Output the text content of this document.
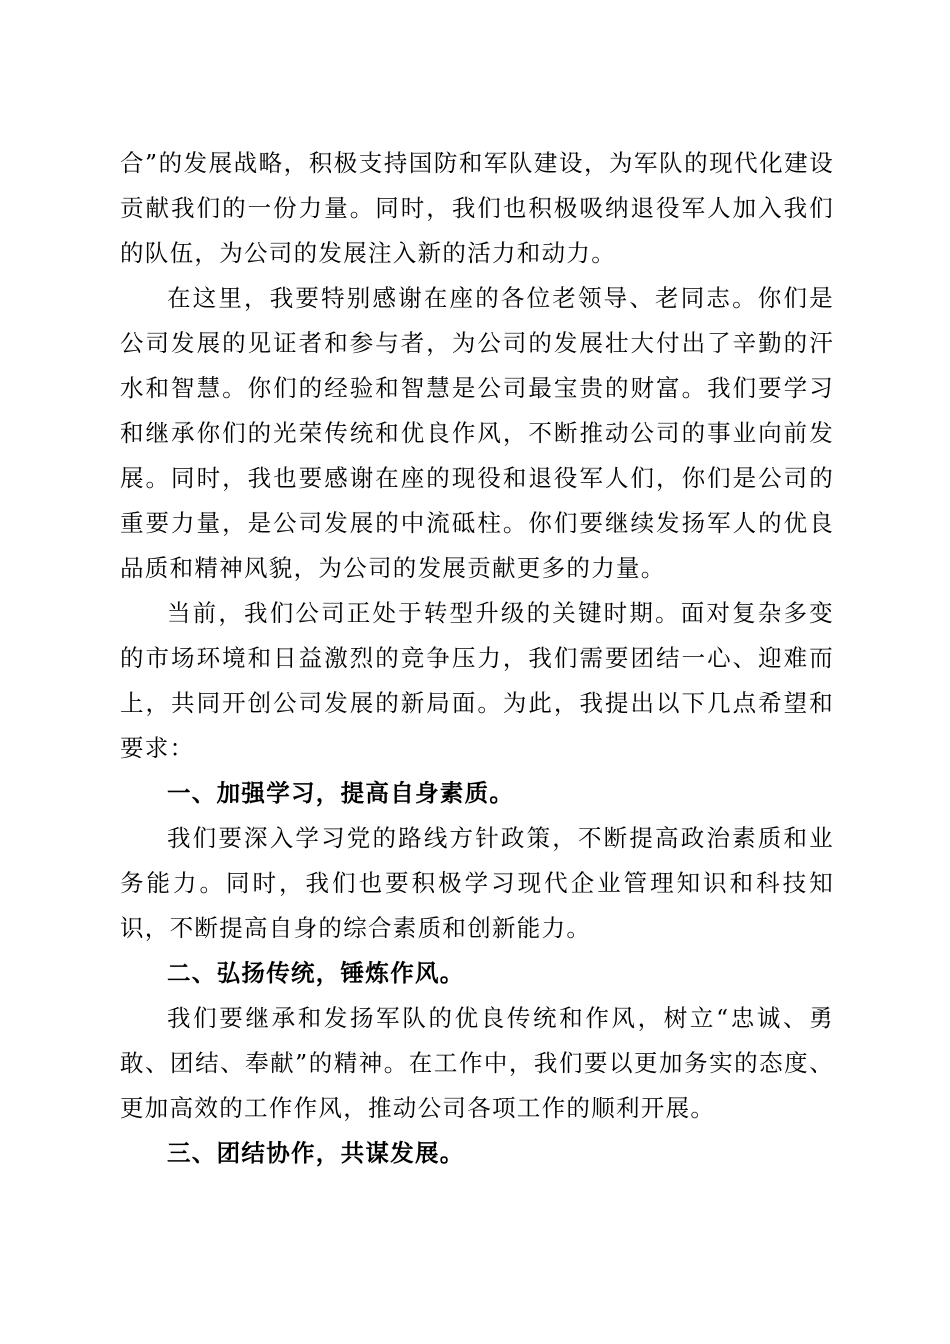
合”的发展战略，积极支持国防和军队建设，为军队的现代化建设贡献我们的一份力量。同时，我们也积极吸纳退役军人加入我们的队伍，为公司的发展注入新的活力和动力。

在这里，我要特别感谢在座的各位老领导、老同志。你们是公司发展的见证者和参与者，为公司的发展壮大付出了辛勤的汗水和智慧。你们的经验和智慧是公司最宝贵的财富。我们要学习和继承你们的光荣传统和优良作风，不断推动公司的事业向前发展。同时，我也要感谢在座的现役和退役军人们，你们是公司的重要力量，是公司发展的中流砥柱。你们要继续发扬军人的优良品质和精神风貌，为公司的发展贡献更多的力量。

当前，我们公司正处于转型升级的关键时期。面对复杂多变的市场环境和日益激烈的竞争压力，我们需要团结一心、迎难而上，共同开创公司发展的新局面。为此，我提出以下几点希望和要求：

一、加强学习，提高自身素质。

我们要深入学习党的路线方针政策，不断提高政治素质和业务能力。同时，我们也要积极学习现代企业管理知识和科技知识，不断提高自身的综合素质和创新能力。

二、弘扬传统，锤炼作风。

我们要继承和发扬军队的优良传统和作风，树立“忠诚、勇敢、团结、奉献”的精神。在工作中，我们要以更加务实的态度、更加高效的工作作风，推动公司各项工作的顺利开展。

三、团结协作，共谋发展。
